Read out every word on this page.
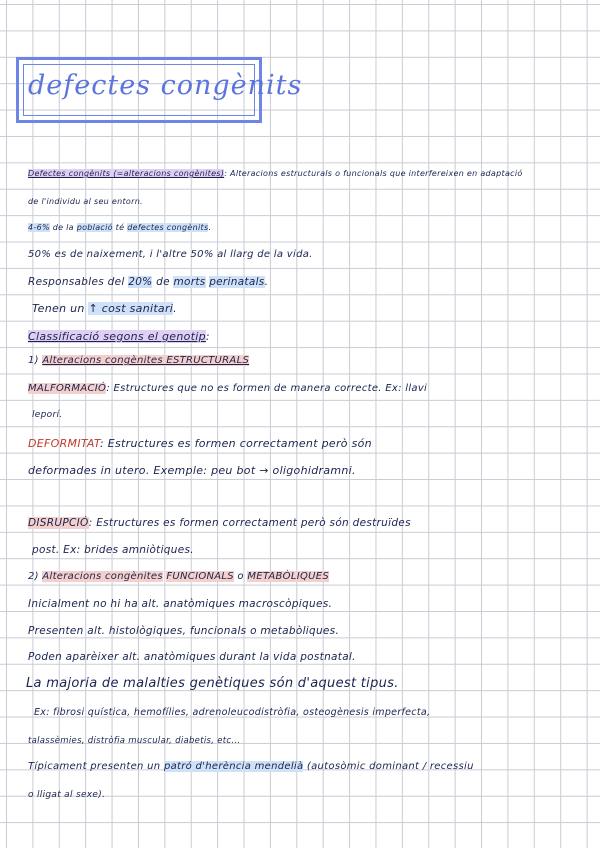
defectes congènits
Defectes congènits (=alteracions congènites): Alteracions estructurals o funcionals que interfereixen en adaptació
de l'individu al seu entorn.
4-6% de la població té defectes congènits.
50% es de naixement, i l'altre 50% al llarg de la vida.
Responsables del 20% de morts perinatals.
Tenen un ↑ cost sanitari.
Classificació segons el genotip:
1) Alteracions congènites ESTRUCTURALS
MALFORMACIÓ: Estructures que no es formen de manera correcte. Ex: llavi
leporí.
DEFORMITAT: Estructures es formen correctament però són
deformades in utero. Exemple: peu bot → oligohidramni.
DISRUPCIÓ: Estructures es formen correctament però són destruïdes
post. Ex: brides amniòtiques.
2) Alteracions congènites FUNCIONALS o METABÒLIQUES
Inicialment no hi ha alt. anatòmiques macroscòpiques.
Presenten alt. histològiques, funcionals o metabòliques.
Poden aparèixer alt. anatòmiques durant la vida postnatal.
La majoria de malalties genètiques són d'aquest tipus.
Ex: fibrosi quística, hemofílies, adrenoleucodistròfia, osteogènesis imperfecta,
talassèmies, distròfia muscular, diabetis, etc...
Típicament presenten un patró d'herència mendelià (autosòmic dominant / recessiu
o lligat al sexe).
